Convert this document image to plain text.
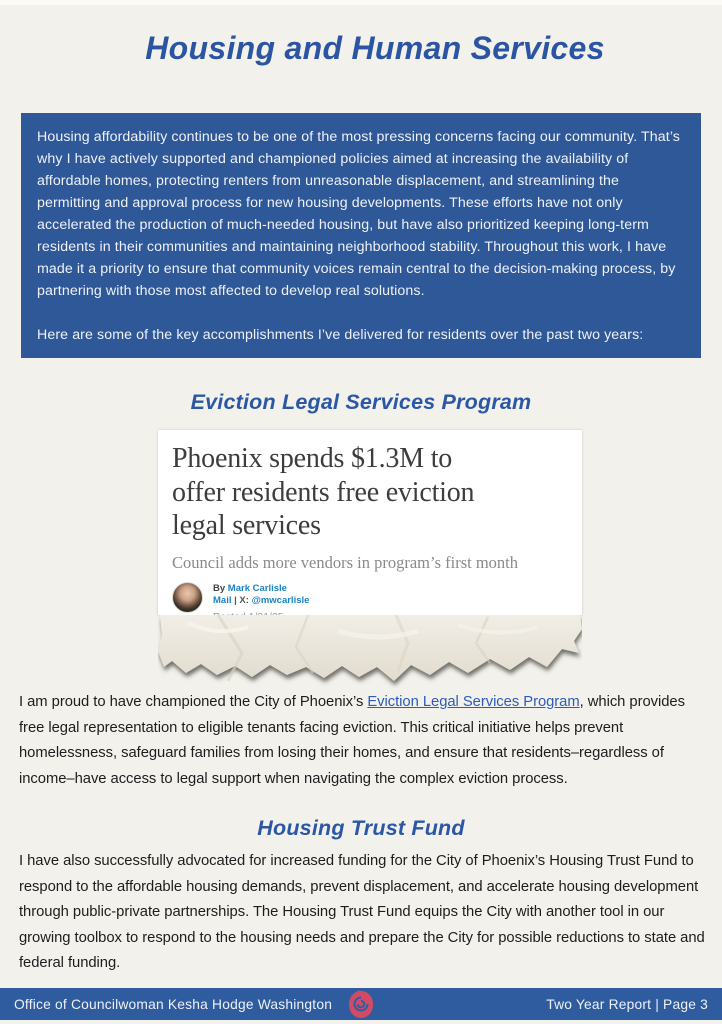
Housing and Human Services

Housing affordability continues to be one of the most pressing concerns facing our community. That’s why I have actively supported and championed policies aimed at increasing the availability of affordable homes, protecting renters from unreasonable displacement, and streamlining the permitting and approval process for new housing developments. These efforts have not only accelerated the production of much-needed housing, but have also prioritized keeping long-term residents in their communities and maintaining neighborhood stability. Throughout this work, I have made it a priority to ensure that community voices remain central to the decision-making process, by partnering with those most affected to develop real solutions.

Here are some of the key accomplishments I’ve delivered for residents over the past two years:

Eviction Legal Services Program
Phoenix spends $1.3M to
offer residents free eviction
legal services
Council adds more vendors in program’s first month
By Mark Carlisle
Mail | X: @mwcarlisle

I am proud to have championed the City of Phoenix’s Eviction Legal Services Program, which provides free legal representation to eligible tenants facing eviction. This critical initiative helps prevent homelessness, safeguard families from losing their homes, and ensure that residents–regardless of income–have access to legal support when navigating the complex eviction process.

Housing Trust Fund

I have also successfully advocated for increased funding for the City of Phoenix’s Housing Trust Fund to respond to the affordable housing demands, prevent displacement, and accelerate housing development through public-private partnerships. The Housing Trust Fund equips the City with another tool in our growing toolbox to respond to the housing needs and prepare the City for possible reductions to state and federal funding.

Office of Councilwoman Kesha Hodge Washington	Two Year Report | Page 3
